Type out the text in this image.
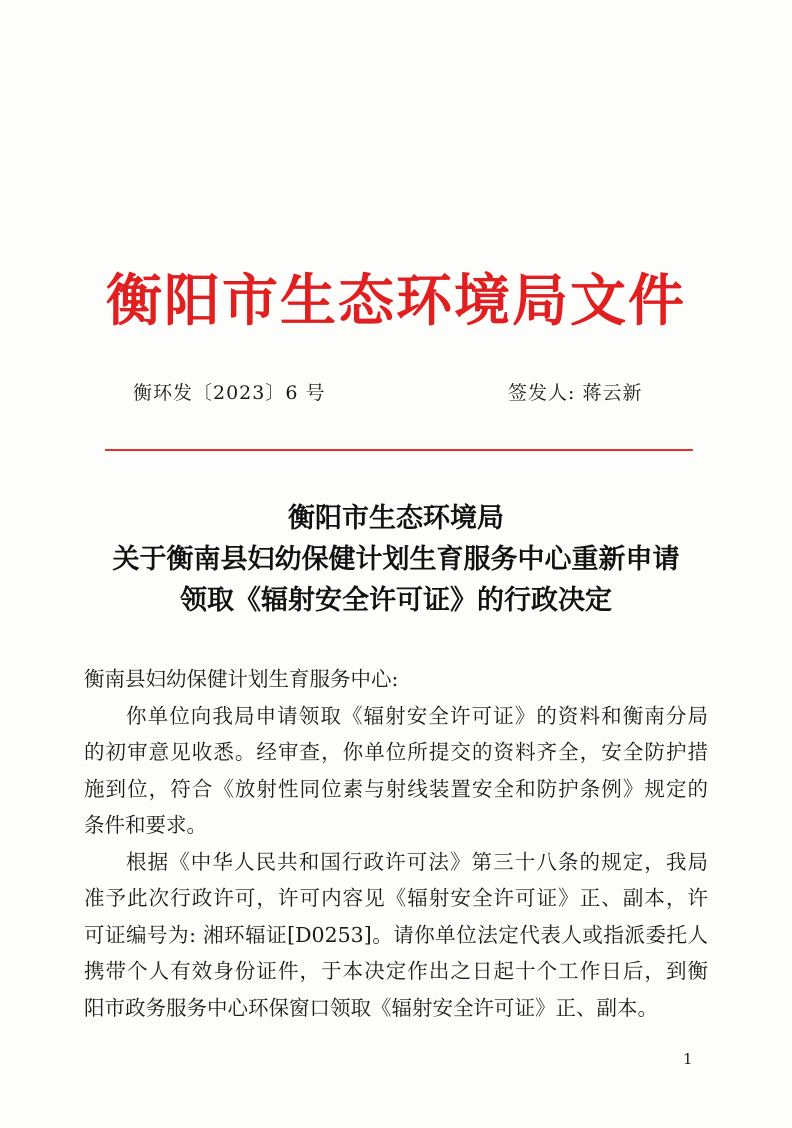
衡阳市生态环境局文件
衡环发〔2023〕6 号	签发人: 蒋云新
衡阳市生态环境局
关于衡南县妇幼保健计划生育服务中心重新申请
领取《辐射安全许可证》的行政决定
衡南县妇幼保健计划生育服务中心:
你单位向我局申请领取《辐射安全许可证》的资料和衡南分局
的初审意见收悉。经审查，你单位所提交的资料齐全，安全防护措
施到位，符合《放射性同位素与射线装置安全和防护条例》规定的
条件和要求。
根据《中华人民共和国行政许可法》第三十八条的规定，我局
准予此次行政许可，许可内容见《辐射安全许可证》正、副本，许
可证编号为: 湘环辐证[D0253]。请你单位法定代表人或指派委托人
携带个人有效身份证件，于本决定作出之日起十个工作日后，到衡
阳市政务服务中心环保窗口领取《辐射安全许可证》正、副本。
1
